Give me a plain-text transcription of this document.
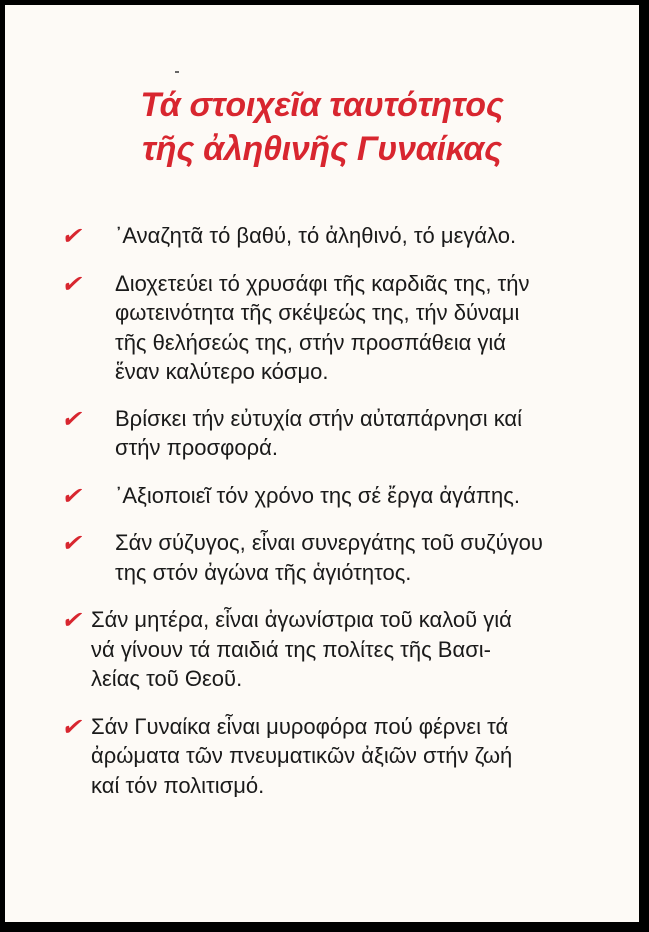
Τά στοιχεῖα ταυτότητος
τῆς ἀληθινῆς Γυναίκας
✔ ᾿Αναζητᾶ τό βαθύ, τό ἀληθινό, τό μεγάλο.
✔ Διοχετεύει τό χρυσάφι τῆς καρδιᾶς της, τήν
φωτεινότητα τῆς σκέψεώς της, τήν δύναμι
τῆς θελήσεώς της, στήν προσπάθεια γιά
ἕναν καλύτερο κόσμο.
✔ Βρίσκει τήν εὐτυχία στήν αὐταπάρνησι καί
στήν προσφορά.
✔ ᾿Αξιοποιεῖ τόν χρόνο της σέ ἔργα ἀγάπης.
✔ Σάν σύζυγος, εἶναι συνεργάτης τοῦ συζύγου
της στόν ἀγώνα τῆς ἁγιότητος.
✔ Σάν μητέρα, εἶναι ἀγωνίστρια τοῦ καλοῦ γιά
νά γίνουν τά παιδιά της πολίτες τῆς Βασι-
λείας τοῦ Θεοῦ.
✔ Σάν Γυναίκα εἶναι μυροφόρα πού φέρνει τά
ἀρώματα τῶν πνευματικῶν ἀξιῶν στήν ζωή
καί τόν πολιτισμό.
